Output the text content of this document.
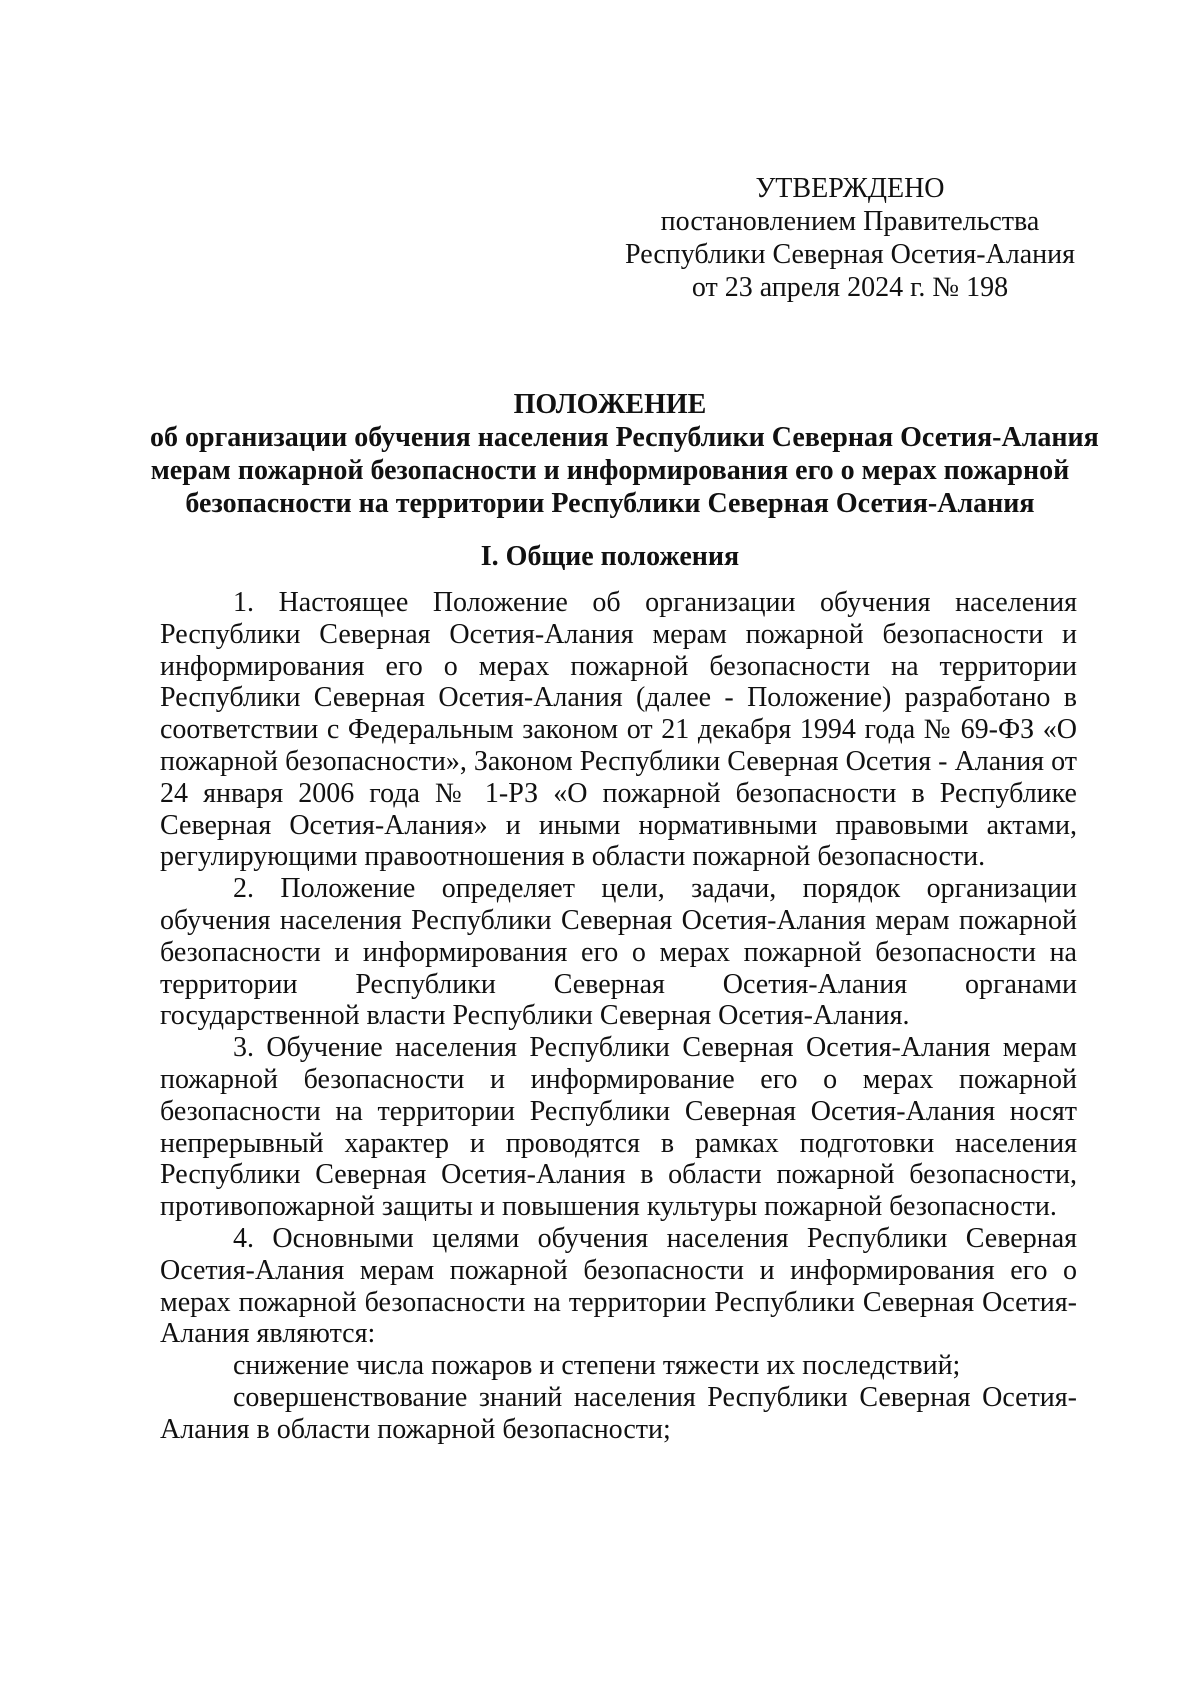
УТВЕРЖДЕНО
постановлением Правительства
Республики Северная Осетия-Алания
от 23 апреля 2024 г. № 198
ПОЛОЖЕНИЕ
об организации обучения населения Республики Северная Осетия-Алания
мерам пожарной безопасности и информирования его о мерах пожарной
безопасности на территории Республики Северная Осетия-Алания
I. Общие положения

1. Настоящее Положение об организации обучения населения Республики Северная Осетия-Алания мерам пожарной безопасности и информирования его о мерах пожарной безопасности на территории Республики Северная Осетия-Алания (далее - Положение) разработано в соответствии с Федеральным законом от 21 декабря 1994 года № 69-ФЗ «О пожарной безопасности», Законом Республики Северная Осетия - Алания от 24 января 2006 года № 1-РЗ «О пожарной безопасности в Республике Северная Осетия-Алания» и иными нормативными правовыми актами, регулирующими правоотношения в области пожарной безопасности.

2. Положение определяет цели, задачи, порядок организации обучения населения Республики Северная Осетия-Алания мерам пожарной безопасности и информирования его о мерах пожарной безопасности на территории Республики Северная Осетия-Алания органами государственной власти Республики Северная Осетия-Алания.

3. Обучение населения Республики Северная Осетия-Алания мерам пожарной безопасности и информирование его о мерах пожарной безопасности на территории Республики Северная Осетия-Алания носят непрерывный характер и проводятся в рамках подготовки населения Республики Северная Осетия-Алания в области пожарной безопасности, противопожарной защиты и повышения культуры пожарной безопасности.

4. Основными целями обучения населения Республики Северная Осетия-Алания мерам пожарной безопасности и информирования его о мерах пожарной безопасности на территории Республики Северная Осетия-Алания являются:

снижение числа пожаров и степени тяжести их последствий;

совершенствование знаний населения Республики Северная Осетия-Алания в области пожарной безопасности;
